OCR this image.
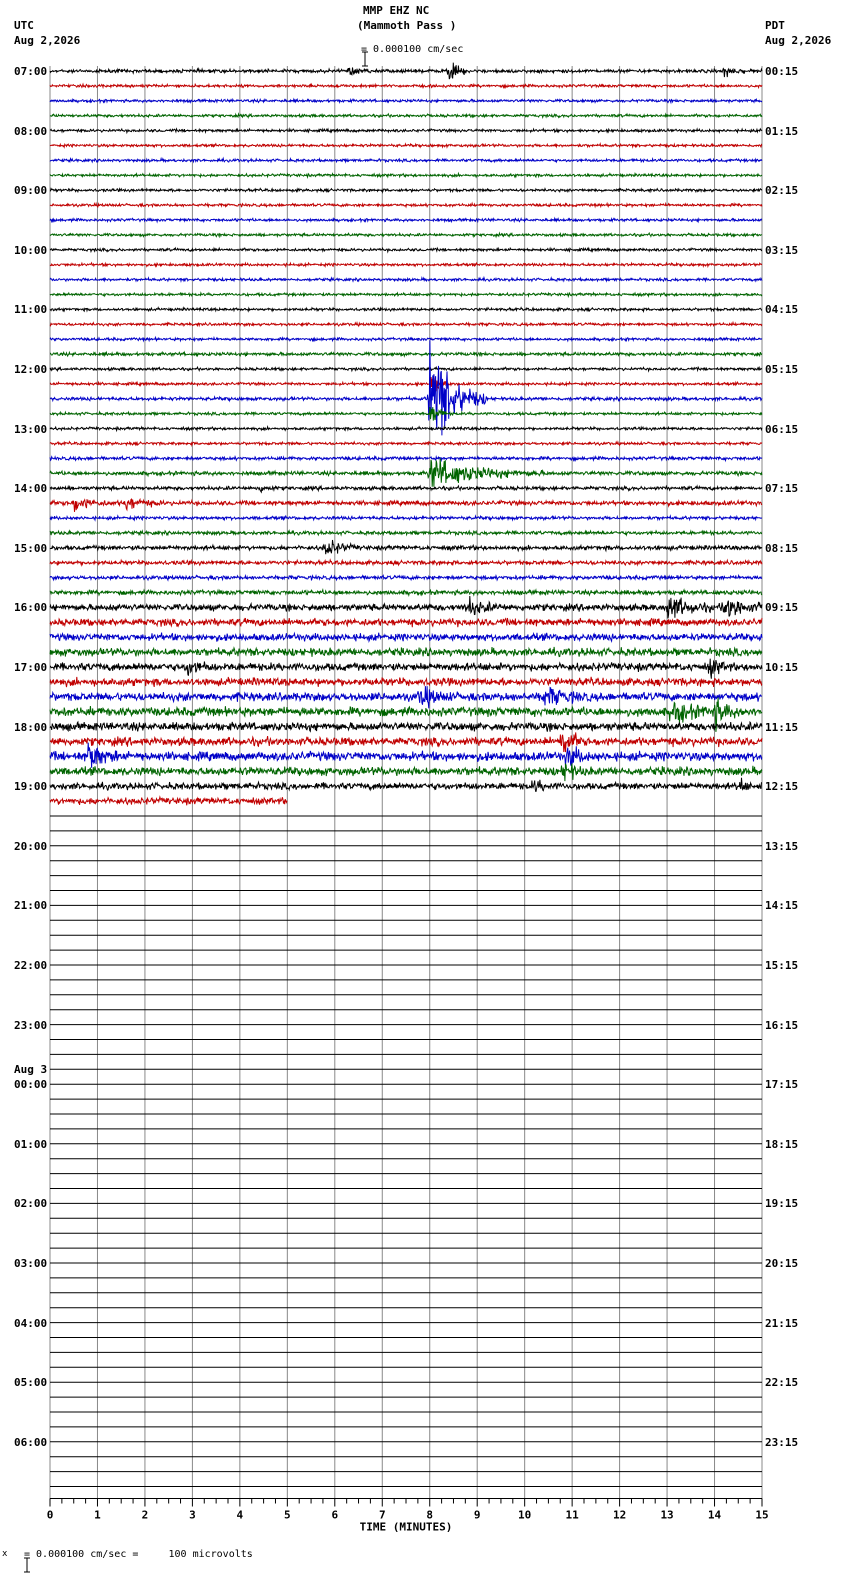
0	1	2	3	4	5	6	7	8	9	10	11	12	13	14	15
TIME (MINUTES)
MMP EHZ NC
(Mammoth Pass )

= 0.000100 cm/sec
UTC
Aug 2,2026
PDT
Aug 2,2026
x

= 0.000100 cm/sec =     100 microvolts
07:00
08:00
09:00
10:00
11:00
12:00
13:00
14:00
15:00
16:00
17:00
18:00
19:00
20:00
21:00
22:00
23:00
Aug 3
00:00
01:00
02:00
03:00
04:00
05:00
06:00
00:15
01:15
02:15
03:15
04:15
05:15
06:15
07:15
08:15
09:15
10:15
11:15
12:15
13:15
14:15
15:15
16:15
17:15
18:15
19:15
20:15
21:15
22:15
23:15
